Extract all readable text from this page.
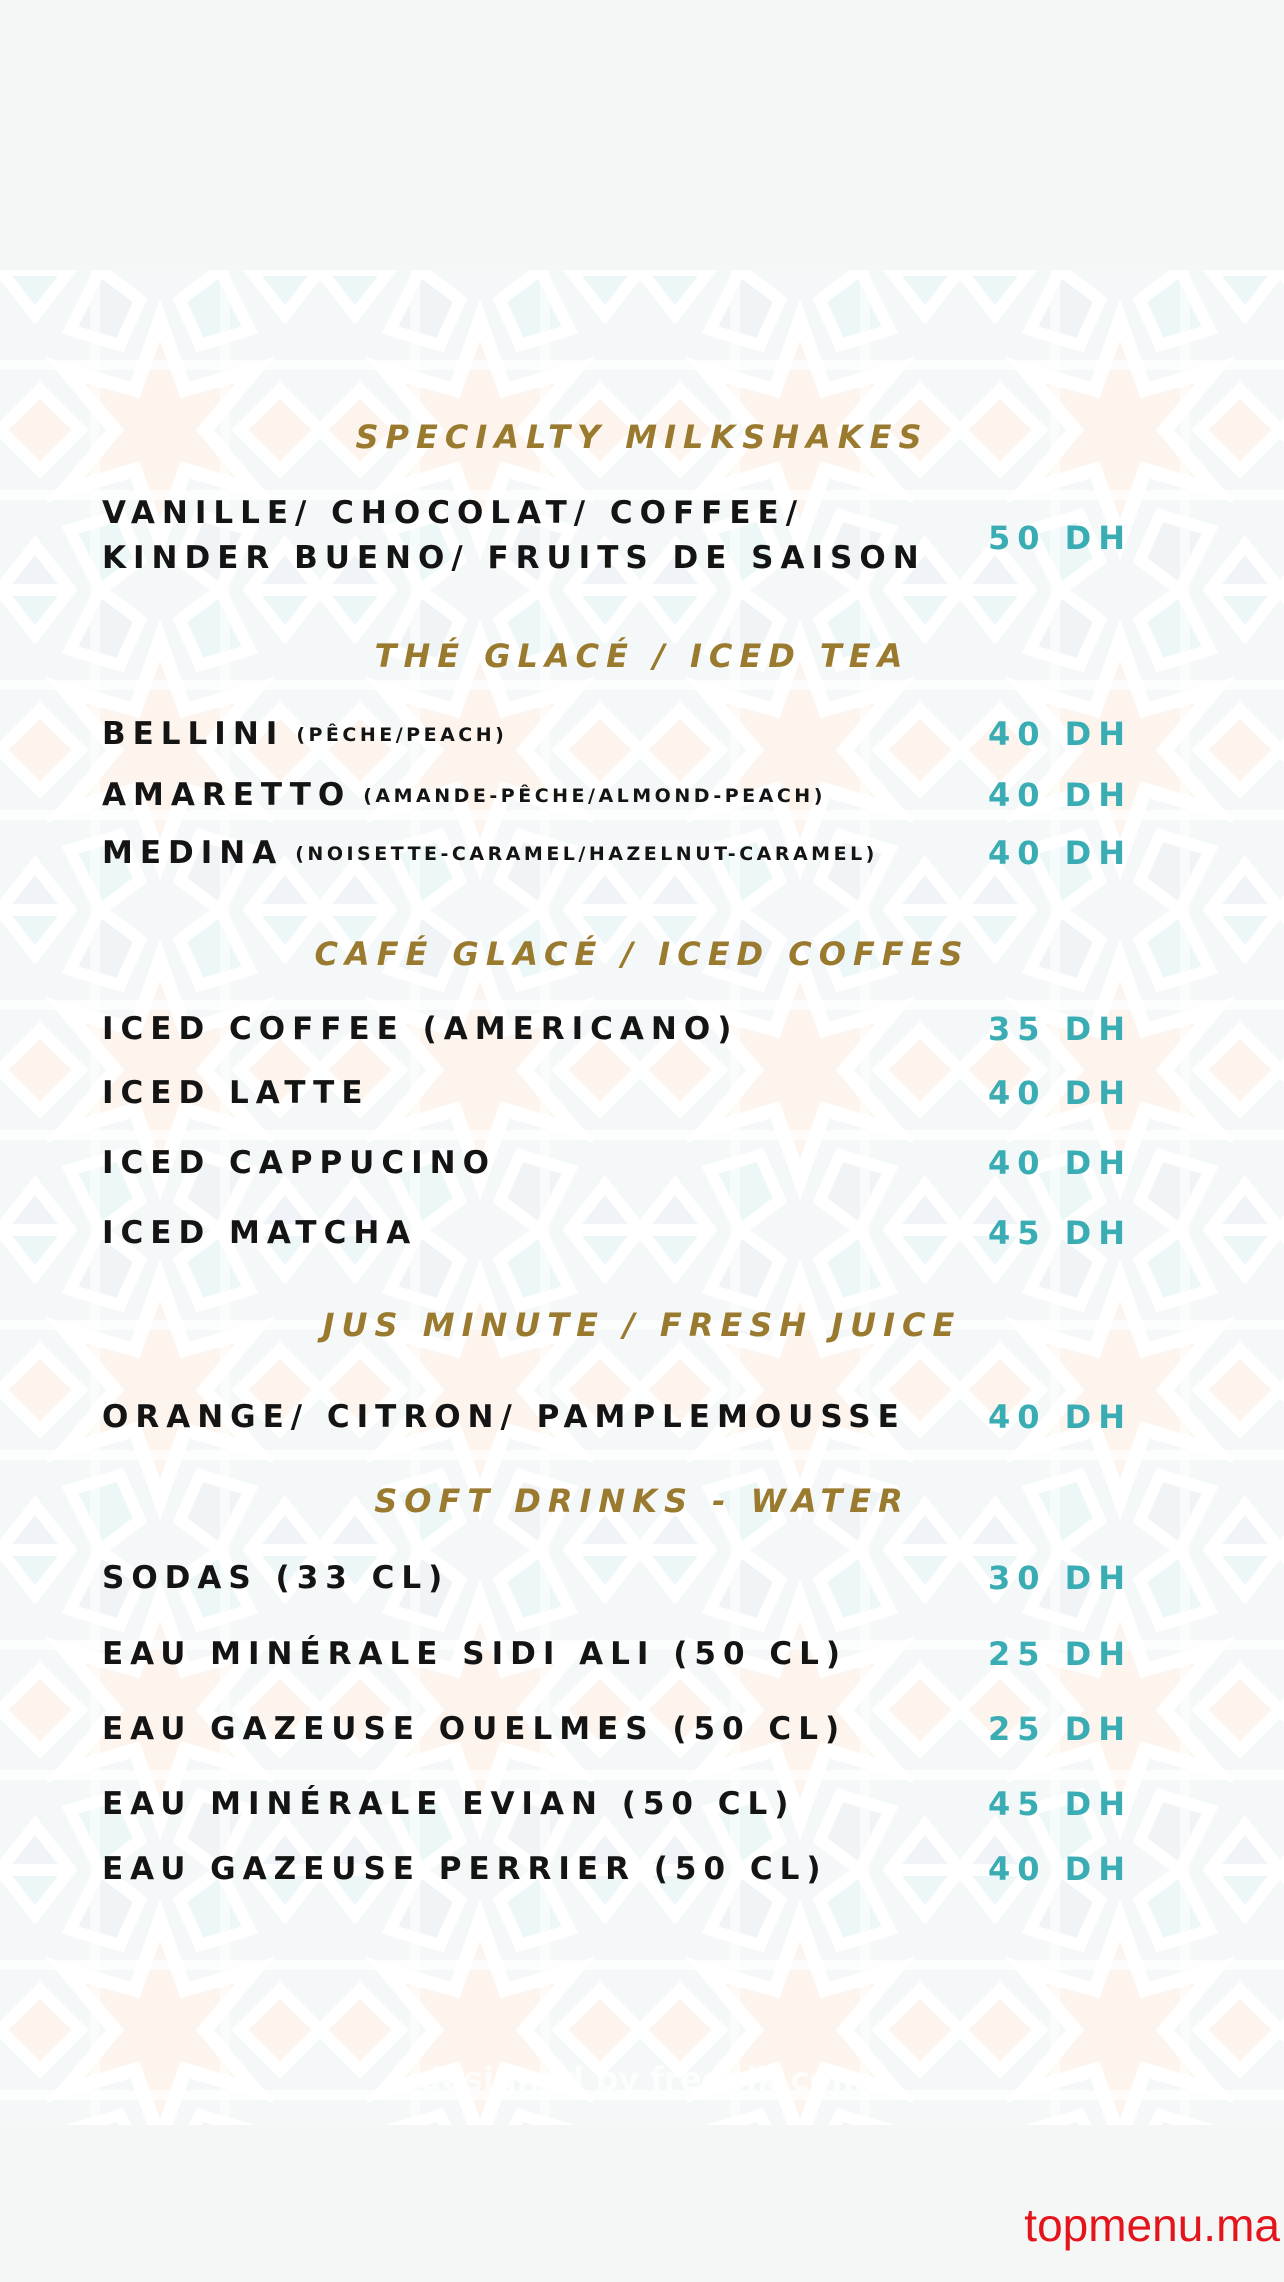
SPECIALTY MILKSHAKES
VANILLE/ CHOCOLAT/ COFFEE/
KINDER BUENO/ FRUITS DE SAISON
50 DH
THÉ GLACÉ / ICED TEA
BELLINI (PÊCHE/PEACH)	40 DH
AMARETTO (AMANDE-PÊCHE/ALMOND-PEACH)	40 DH
MEDINA (NOISETTE-CARAMEL/HAZELNUT-CARAMEL)	40 DH
CAFÉ GLACÉ / ICED COFFES
ICED COFFEE (AMERICANO)	35 DH
ICED LATTE	40 DH
ICED CAPPUCINO	40 DH
ICED MATCHA	45 DH
JUS MINUTE / FRESH JUICE
ORANGE/ CITRON/ PAMPLEMOUSSE	40 DH
SOFT DRINKS - WATER
SODAS (33 CL)	30 DH
EAU MINÉRALE SIDI ALI (50 CL)	25 DH
EAU GAZEUSE OUELMES (50 CL)	25 DH
EAU MINÉRALE EVIAN (50 CL)	45 DH
EAU GAZEUSE PERRIER (50 CL)	40 DH
designed by freepik.com
topmenu.ma
